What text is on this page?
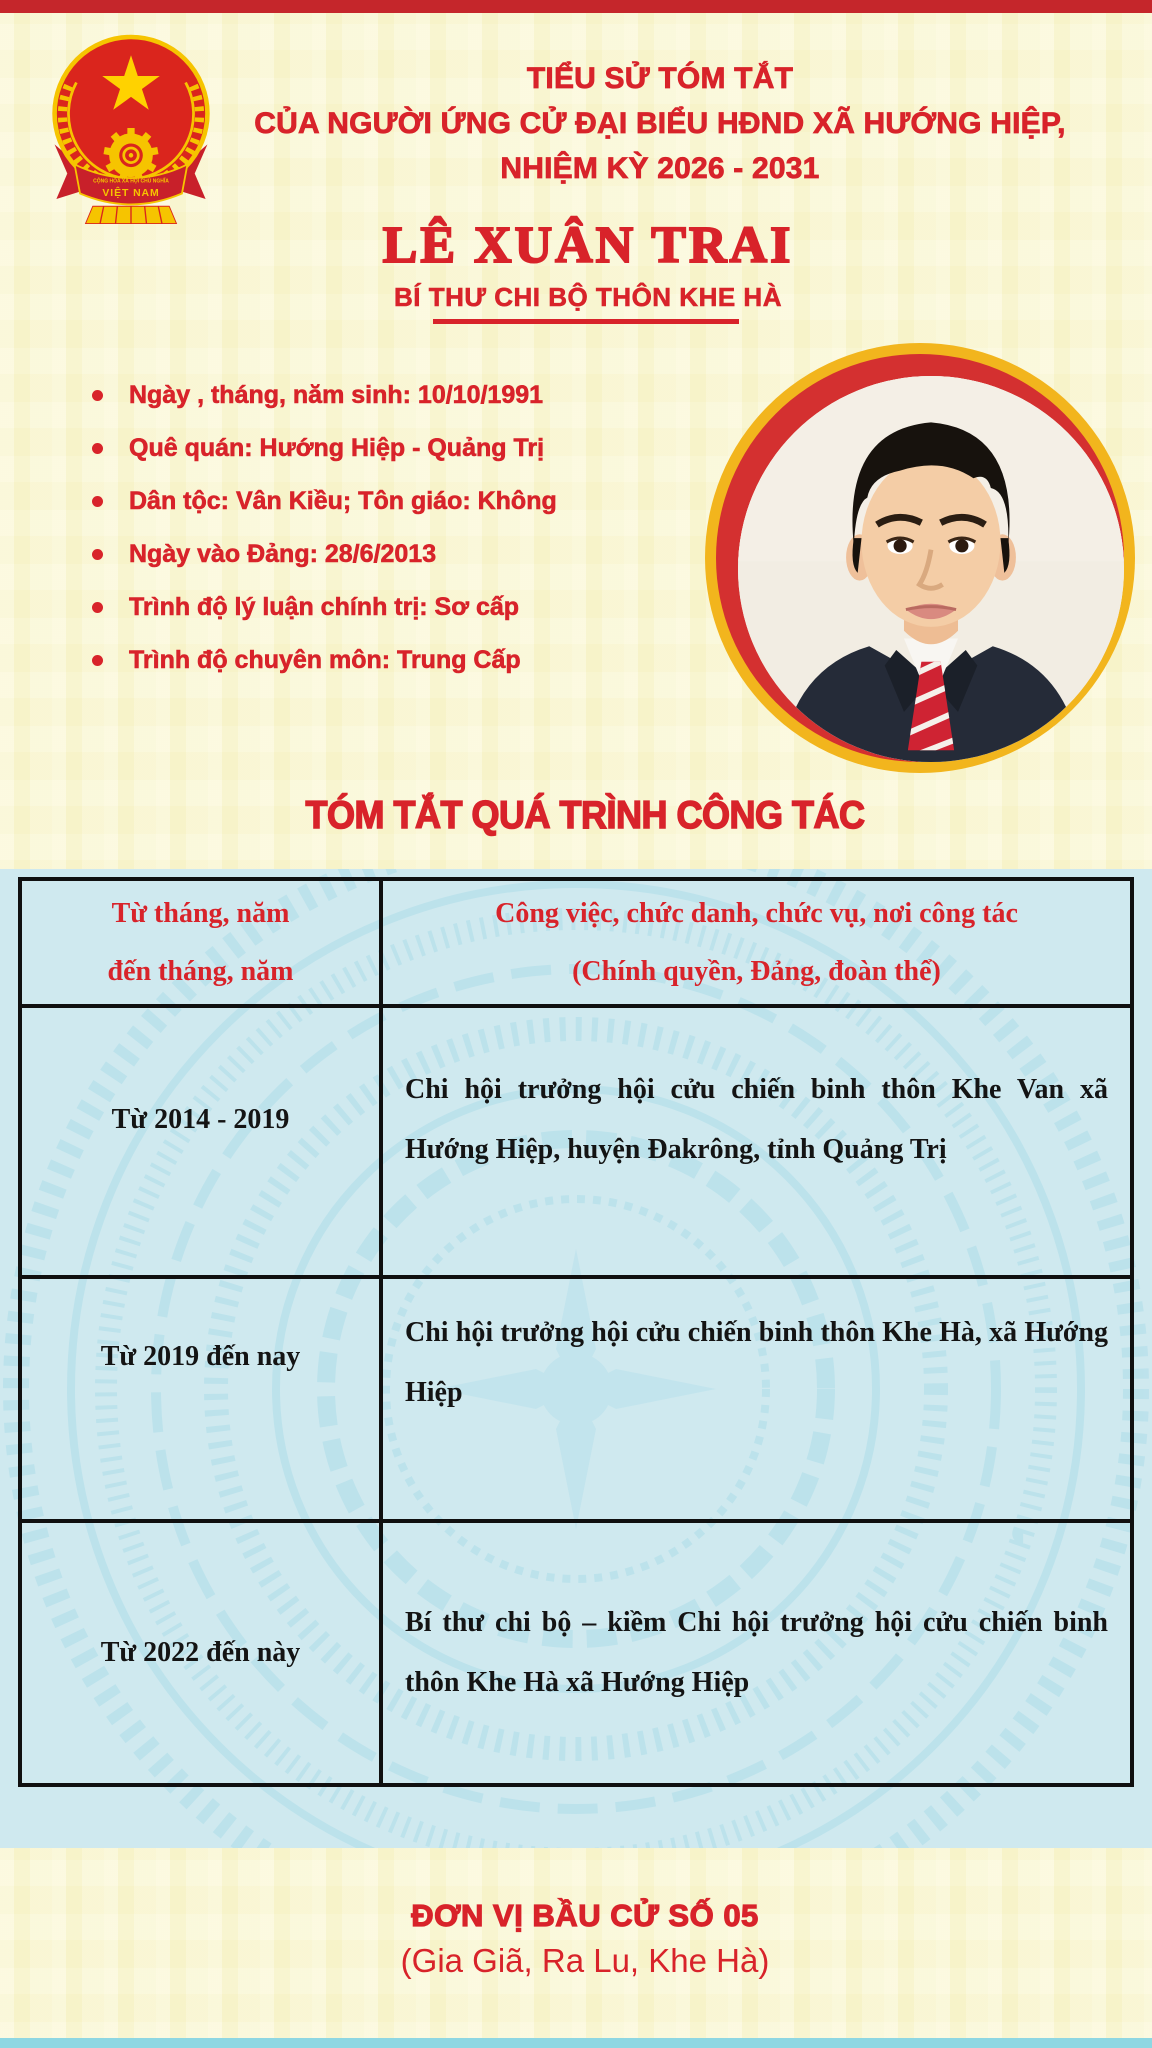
CỘNG HÒA XÃ HỘI CHỦ NGHĨA
VIỆT NAM
TIỂU SỬ TÓM TẮT
CỦA NGƯỜI ỨNG CỬ ĐẠI BIỂU HĐND XÃ HƯỚNG HIỆP,
NHIỆM KỲ 2026 - 2031
LÊ XUÂN TRAI
BÍ THƯ CHI BỘ THÔN KHE HÀ
Ngày , tháng, năm sinh: 10/10/1991
Quê quán: Hướng Hiệp - Quảng Trị
Dân tộc: Vân Kiều; Tôn giáo: Không
Ngày vào Đảng: 28/6/2013
Trình độ lý luận chính trị: Sơ cấp
Trình độ chuyên môn: Trung Cấp
TÓM TẮT QUÁ TRÌNH CÔNG TÁC
Từ tháng, năm
đến tháng, năm
Công việc, chức danh, chức vụ, nơi công tác
(Chính quyền, Đảng, đoàn thể)
Từ 2014 - 2019
Chi hội trưởng hội cửu chiến binh thôn Khe Van xã Hướng Hiệp, huyện Đakrông, tỉnh Quảng Trị
Từ 2019 đến nay
Chi hội trưởng hội cửu chiến binh thôn Khe Hà, xã Hướng Hiệp
Từ 2022 đến này
Bí thư chi bộ – kiềm Chi hội trưởng hội cửu chiến binh thôn Khe Hà xã Hướng Hiệp
ĐƠN VỊ BẦU CỬ SỐ 05
(Gia Giã, Ra Lu, Khe Hà)
